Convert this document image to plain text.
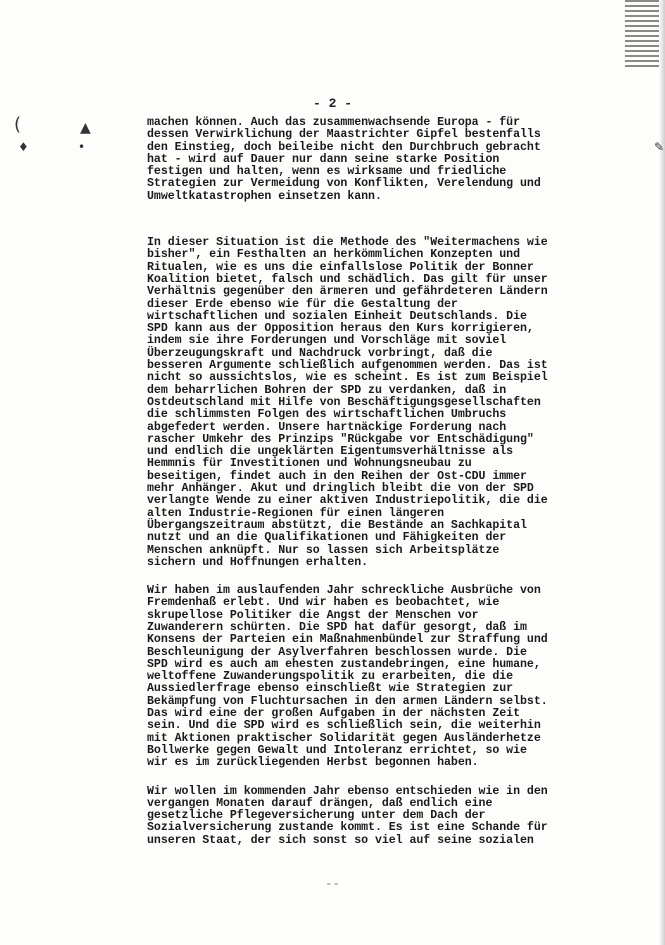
(	▲
♦	•	✎
- 2 -
machen können. Auch das zusammenwachsende Europa - für
dessen Verwirklichung der Maastrichter Gipfel bestenfalls
den Einstieg, doch beileibe nicht den Durchbruch gebracht
hat - wird auf Dauer nur dann seine starke Position
festigen und halten, wenn es wirksame und friedliche
Strategien zur Vermeidung von Konflikten, Verelendung und
Umweltkatastrophen einsetzen kann.
In dieser Situation ist die Methode des "Weitermachens wie
bisher", ein Festhalten an herkömmlichen Konzepten und
Ritualen, wie es uns die einfallslose Politik der Bonner
Koalition bietet, falsch und schädlich. Das gilt für unser
Verhältnis gegenüber den ärmeren und gefährdeteren Ländern
dieser Erde ebenso wie für die Gestaltung der
wirtschaftlichen und sozialen Einheit Deutschlands. Die
SPD kann aus der Opposition heraus den Kurs korrigieren,
indem sie ihre Forderungen und Vorschläge mit soviel
Überzeugungskraft und Nachdruck vorbringt, daß die
besseren Argumente schließlich aufgenommen werden. Das ist
nicht so aussichtslos, wie es scheint. Es ist zum Beispiel
dem beharrlichen Bohren der SPD zu verdanken, daß in
Ostdeutschland mit Hilfe von Beschäftigungsgesellschaften
die schlimmsten Folgen des wirtschaftlichen Umbruchs
abgefedert werden. Unsere hartnäckige Forderung nach
rascher Umkehr des Prinzips "Rückgabe vor Entschädigung"
und endlich die ungeklärten Eigentumsverhältnisse als
Hemmnis für Investitionen und Wohnungsneubau zu
beseitigen, findet auch in den Reihen der Ost-CDU immer
mehr Anhänger. Akut und dringlich bleibt die von der SPD
verlangte Wende zu einer aktiven Industriepolitik, die die
alten Industrie-Regionen für einen längeren
Übergangszeitraum abstützt, die Bestände an Sachkapital
nutzt und an die Qualifikationen und Fähigkeiten der
Menschen anknüpft. Nur so lassen sich Arbeitsplätze
sichern und Hoffnungen erhalten.
Wir haben im auslaufenden Jahr schreckliche Ausbrüche von
Fremdenhaß erlebt. Und wir haben es beobachtet, wie
skrupellose Politiker die Angst der Menschen vor
Zuwanderern schürten. Die SPD hat dafür gesorgt, daß im
Konsens der Parteien ein Maßnahmenbündel zur Straffung und
Beschleunigung der Asylverfahren beschlossen wurde. Die
SPD wird es auch am ehesten zustandebringen, eine humane,
weltoffene Zuwanderungspolitik zu erarbeiten, die die
Aussiedlerfrage ebenso einschließt wie Strategien zur
Bekämpfung von Fluchtursachen in den armen Ländern selbst.
Das wird eine der großen Aufgaben in der nächsten Zeit
sein. Und die SPD wird es schließlich sein, die weiterhin
mit Aktionen praktischer Solidarität gegen Ausländerhetze
Bollwerke gegen Gewalt und Intoleranz errichtet, so wie
wir es im zurückliegenden Herbst begonnen haben.
Wir wollen im kommenden Jahr ebenso entschieden wie in den
vergangen Monaten darauf drängen, daß endlich eine
gesetzliche Pflegeversicherung unter dem Dach der
Sozialversicherung zustande kommt. Es ist eine Schande für
unseren Staat, der sich sonst so viel auf seine sozialen
--
